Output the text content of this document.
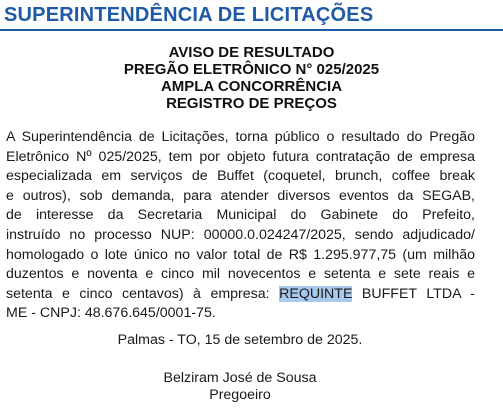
SUPERINTENDÊNCIA DE LICITAÇÕES
AVISO DE RESULTADO
PREGÃO ELETRÔNICO N° 025/2025
AMPLA CONCORRÊNCIA
REGISTRO DE PREÇOS
A Superintendência de Licitações, torna público o resultado do Pregão
Eletrônico Nº 025/2025, tem por objeto futura contratação de empresa
especializada em serviços de Buffet (coquetel, brunch, coffee break
e outros), sob demanda, para atender diversos eventos da SEGAB,
de interesse da Secretaria Municipal do Gabinete do Prefeito,
instruído no processo NUP: 00000.0.024247/2025, sendo adjudicado/
homologado o lote único no valor total de R$ 1.295.977,75 (um milhão
duzentos e noventa e cinco mil novecentos e setenta e sete reais e
setenta e cinco centavos) à empresa: REQUINTE BUFFET LTDA -
ME - CNPJ: 48.676.645/0001-75.
Palmas - TO, 15 de setembro de 2025.
Belziram José de Sousa
Pregoeiro
